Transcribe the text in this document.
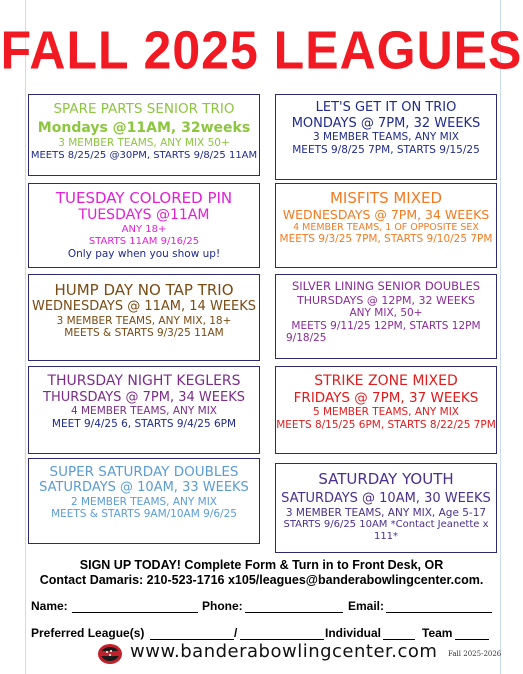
FALL 2025 LEAGUES
SPARE PARTS SENIOR TRIO
Mondays @11AM, 32weeks
3 MEMBER TEAMS, ANY MIX 50+
MEETS 8/25/25 @30PM, STARTS 9/8/25 11AM
LET'S GET IT ON TRIO
MONDAYS @ 7PM, 32 WEEKS
3 MEMBER TEAMS, ANY MIX
MEETS 9/8/25 7PM, STARTS 9/15/25
TUESDAY COLORED PIN
TUESDAYS @11AM
ANY 18+
STARTS 11AM 9/16/25
Only pay when you show up!
MISFITS MIXED
WEDNESDAYS @ 7PM, 34 WEEKS
4 MEMBER TEAMS, 1 OF OPPOSITE SEX
MEETS 9/3/25 7PM, STARTS 9/10/25 7PM
HUMP DAY NO TAP TRIO
WEDNESDAYS @ 11AM, 14 WEEKS
3 MEMBER TEAMS, ANY MIX, 18+
MEETS & STARTS 9/3/25 11AM
SILVER LINING SENIOR DOUBLES
THURSDAYS @ 12PM, 32 WEEKS
ANY MIX, 50+
MEETS 9/11/25 12PM, STARTS 12PM
9/18/25
THURSDAY NIGHT KEGLERS
THURSDAYS @ 7PM, 34 WEEKS
4 MEMBER TEAMS, ANY MIX
MEET 9/4/25 6, STARTS 9/4/25 6PM
STRIKE ZONE MIXED
FRIDAYS @ 7PM, 37 WEEKS
5 MEMBER TEAMS, ANY MIX
MEETS 8/15/25 6PM, STARTS 8/22/25 7PM
SUPER SATURDAY DOUBLES
SATURDAYS @ 10AM, 33 WEEKS
2 MEMBER TEAMS, ANY MIX
MEETS & STARTS 9AM/10AM 9/6/25
SATURDAY YOUTH
SATURDAYS @ 10AM, 30 WEEKS
3 MEMBER TEAMS, ANY MIX, Age 5-17
STARTS 9/6/25 10AM *Contact Jeanette x
111*
SIGN UP TODAY! Complete Form & Turn in to Front Desk, OR
Contact Damaris: 210-523-1716 x105/leagues@banderabowlingcenter.com.
Name:	Phone:	Email:
Preferred League(s)	/	Individual	Team
www.banderabowlingcenter.com Fall 2025-2026
